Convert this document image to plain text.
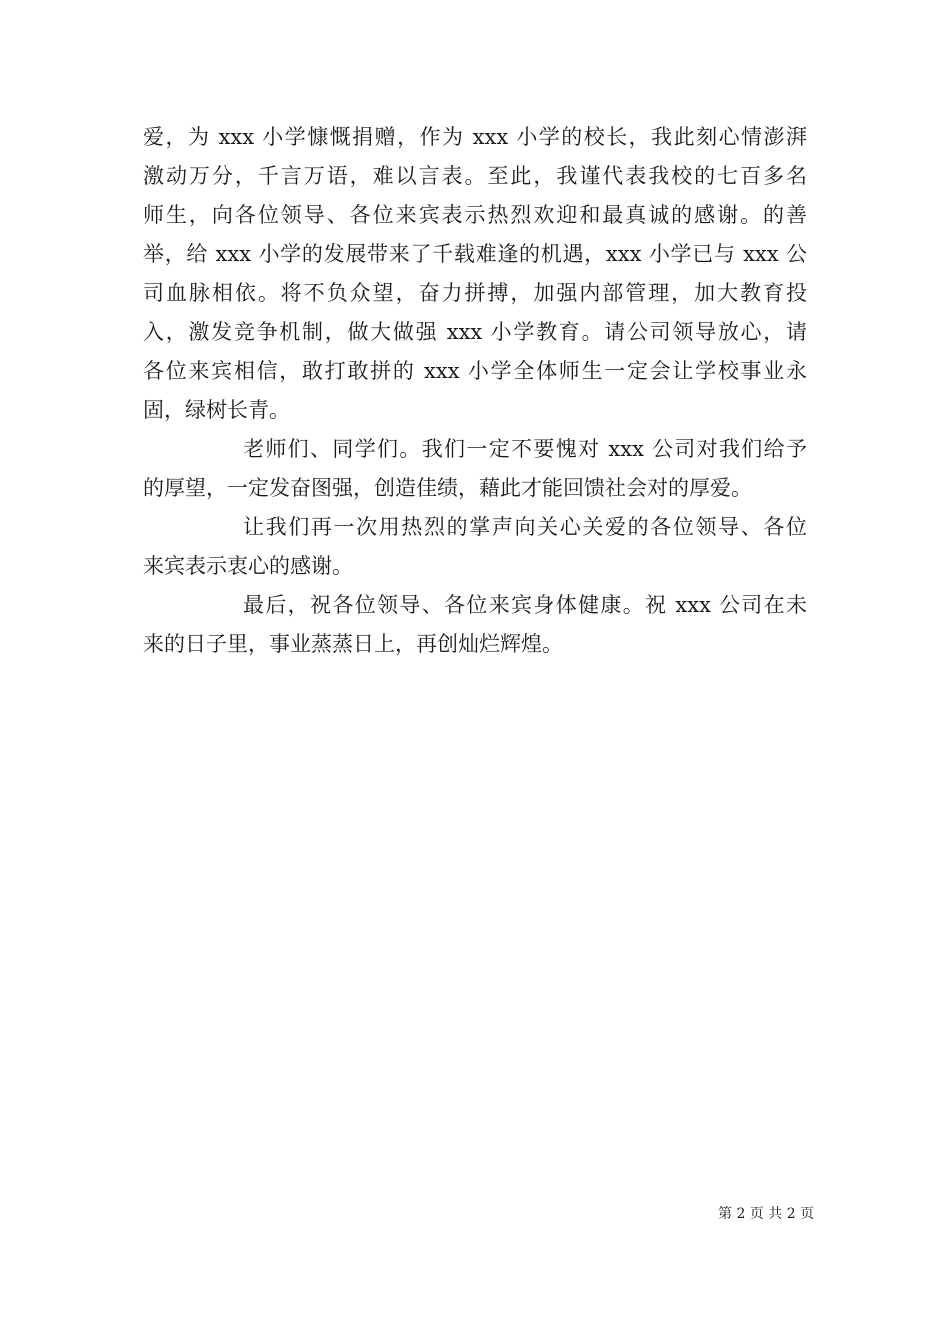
爱，为 xxx 小学慷慨捐赠，作为 xxx 小学的校长，我此刻心情澎湃
激动万分，千言万语，难以言表。至此，我谨代表我校的七百多名
师生，向各位领导、各位来宾表示热烈欢迎和最真诚的感谢。的善
举，给 xxx 小学的发展带来了千载难逢的机遇，xxx 小学已与 xxx 公
司血脉相依。将不负众望，奋力拼搏，加强内部管理，加大教育投
入，激发竞争机制，做大做强 xxx 小学教育。请公司领导放心，请
各位来宾相信，敢打敢拼的 xxx 小学全体师生一定会让学校事业永
固，绿树长青。
老师们、同学们。我们一定不要愧对 xxx 公司对我们给予
的厚望，一定发奋图强，创造佳绩，藉此才能回馈社会对的厚爱。
让我们再一次用热烈的掌声向关心关爱的各位领导、各位
来宾表示衷心的感谢。
最后，祝各位领导、各位来宾身体健康。祝 xxx 公司在未
来的日子里，事业蒸蒸日上，再创灿烂辉煌。
第 2 页 共 2 页
